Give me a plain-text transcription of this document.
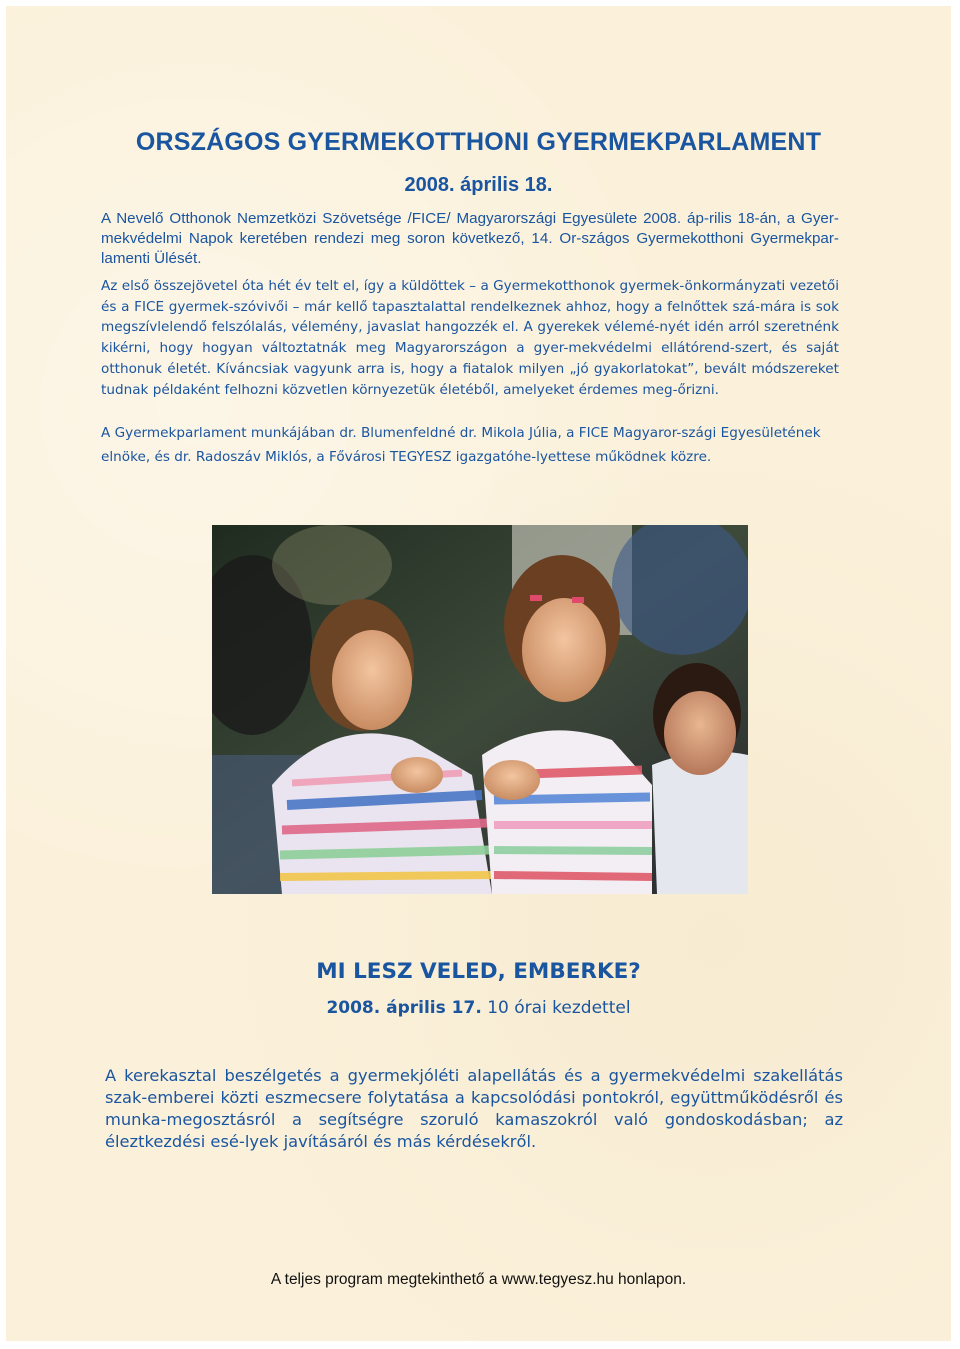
ORSZÁGOS GYERMEKOTTHONI GYERMEKPARLAMENT
2008. április 18.

A Nevelő Otthonok Nemzetközi Szövetsége /FICE/ Magyarországi Egyesülete 2008. áp-rilis 18-án, a Gyer-mekvédelmi Napok keretében rendezi meg soron következő, 14. Or-szágos Gyermekotthoni Gyermekpar-lamenti Ülését.

Az első összejövetel óta hét év telt el, így a küldöttek – a Gyermekotthonok gyermek-önkormányzati vezetői és a FICE gyermek-szóvivői – már kellő tapasztalattal rendelkeznek ahhoz, hogy a felnőttek szá-mára is sok megszívlelendő felszólalás, vélemény, javaslat hangozzék el. A gyerekek vélemé-nyét idén arról szeretnénk kikérni, hogy hogyan változtatnák meg Magyarországon a gyer-mekvédelmi ellátórend-szert, és saját otthonuk életét. Kíváncsiak vagyunk arra is, hogy a fiatalok milyen „jó gyakorlatokat”, bevált módszereket tudnak példaként felhozni közvetlen környezetük életéből, amelyeket érdemes meg-őrizni.

A Gyermekparlament munkájában dr. Blumenfeldné dr. Mikola Júlia, a FICE Magyaror-szági Egyesületének elnöke, és dr. Radoszáv Miklós, a Fővárosi TEGYESZ igazgatóhe-lyettese működnek közre.

MI LESZ VELED, EMBERKE?
2008. április 17. 10 órai kezdettel

A kerekasztal beszélgetés a gyermekjóléti alapellátás és a gyermekvédelmi szakellátás szak-emberei közti eszmecsere folytatása a kapcsolódási pontokról, együttműködésről és munka-megosztásról a segítségre szoruló kamaszokról való gondoskodásban; az éleztkezdési esé-lyek javításáról és más kérdésekről.

A teljes program megtekinthető a www.tegyesz.hu honlapon.
